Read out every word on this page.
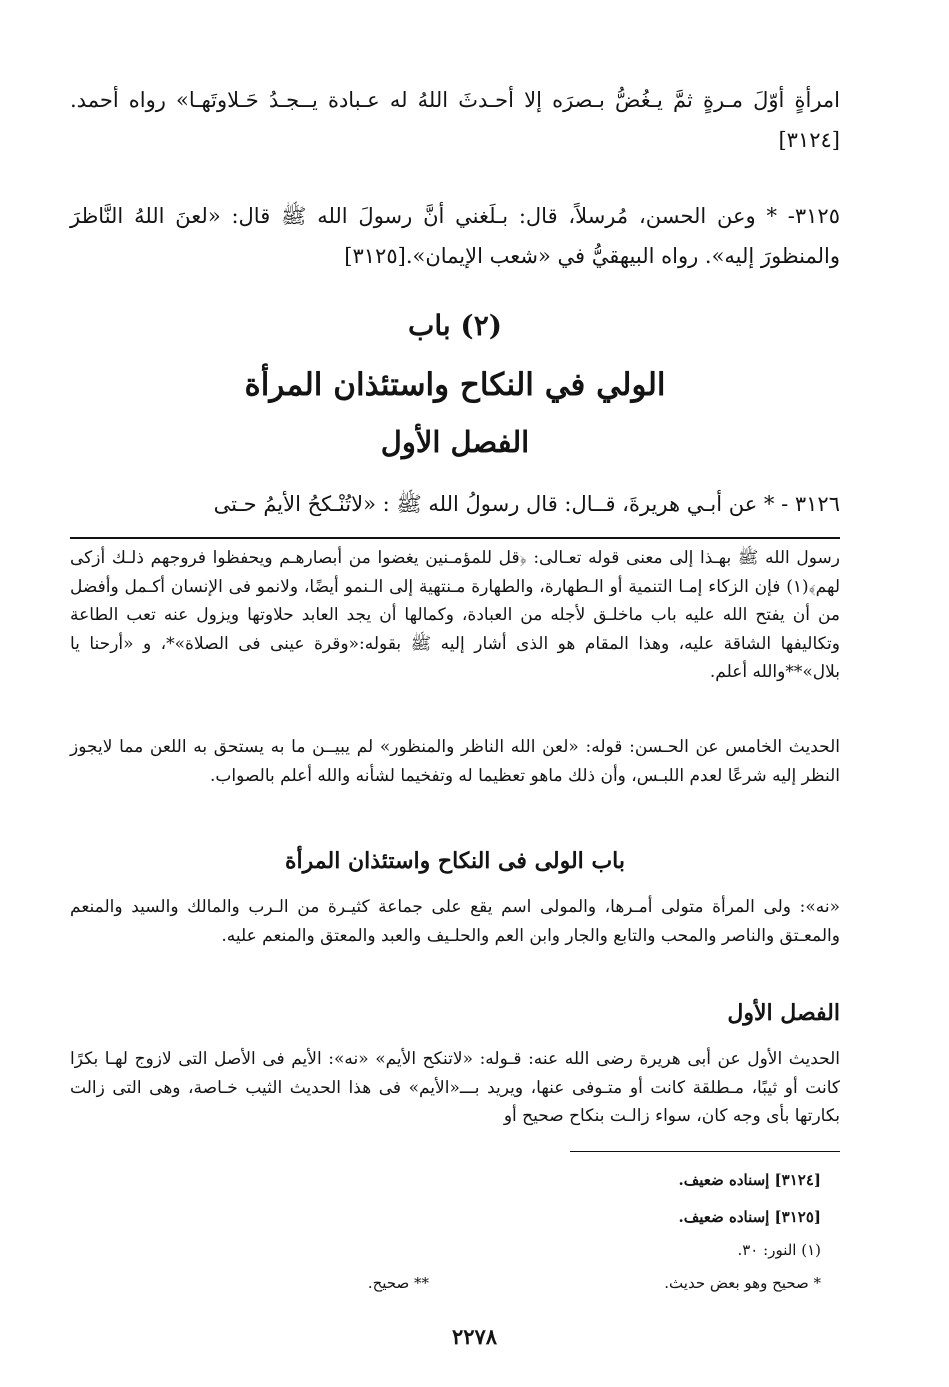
امرأةٍ أوّلَ مـرةٍ ثمَّ يـغُضُّ بـصرَه إلا أحـدثَ اللهُ له عـبادة يــجـدُ حَـلاوتَهـا» رواه أحمد.[٣١٢٤]

٣١٢٥- * وعن الحسن، مُرسلاً، قال: بـلَغني أنَّ رسولَ الله ﷺ قال: «لعنَ اللهُ النَّاظرَ والمنظورَ إليه». رواه البيهقيُّ في «شعب الإيمان».[٣١٢٥]

(٢) باب
الولي في النكاح واستئذان المرأة
الفصل الأول

٣١٢٦ - * عن أبـي هريرةَ، قــال: قال رسولُ الله ﷺ : «لاتُنْـكحُ الأيمُ حـتى

رسول الله ﷺ بهـذا إلى معنى قوله تعـالى: ﴿قل للمؤمـنين يغضوا من أبصارهـم ويحفظوا فروجهم ذلـك أزكى لهم﴾(١) فإن الزكاء إمـا التنمية أو الـطهارة، والطهارة مـنتهية إلى الـنمو أيضًا، ولانمو فى الإنسان أكـمل وأفضل من أن يفتح الله عليه باب ماخلـق لأجله من العبادة، وكمالها أن يجد العابد حلاوتها ويزول عنه تعب الطاعة وتكاليفها الشاقة عليه، وهذا المقام هو الذى أشار إليه ﷺ بقوله:«وقرة عينى فى الصلاة»*، و «أرحنا يا بلال»**والله أعلم.

الحديث الخامس عن الحـسن: قوله: «لعن الله الناظر والمنظور» لم يبيــن ما به يستحق به اللعن مما لايجوز النظر إليه شرعًا لعدم اللبـس، وأن ذلك ماهو تعظيما له وتفخيما لشأنه والله أعلم بالصواب.

باب الولى فى النكاح واستئذان المرأة

«نه»: ولى المرأة متولى أمـرها، والمولى اسم يقع على جماعة كثيـرة من الـرب والمالك والسيد والمنعم والمعـتق والناصر والمحب والتابع والجار وابن العم والحلـيف والعبد والمعتق والمنعم عليه.

الفصل الأول

الحديث الأول عن أبى هريرة رضى الله عنه: قـوله: «لاتنكح الأيم» «نه»: الأيم فى الأصل التى لازوج لهـا بكرًا كانت أو ثيبًا، مـطلقة كانت أو متـوفى عنها، ويريد بـــ«الأيم» فى هذا الحديث الثيب خـاصة، وهى التى زالت بكارتها بأى وجه كان، سواء زالـت بنكاح صحيح أو

[٣١٢٤] إسناده ضعيف.
[٣١٢٥] إسناده ضعيف.
(١) النور: ٣٠.
* صحيح وهو بعض حديث.
** صحيح.
٢٢٧٨
